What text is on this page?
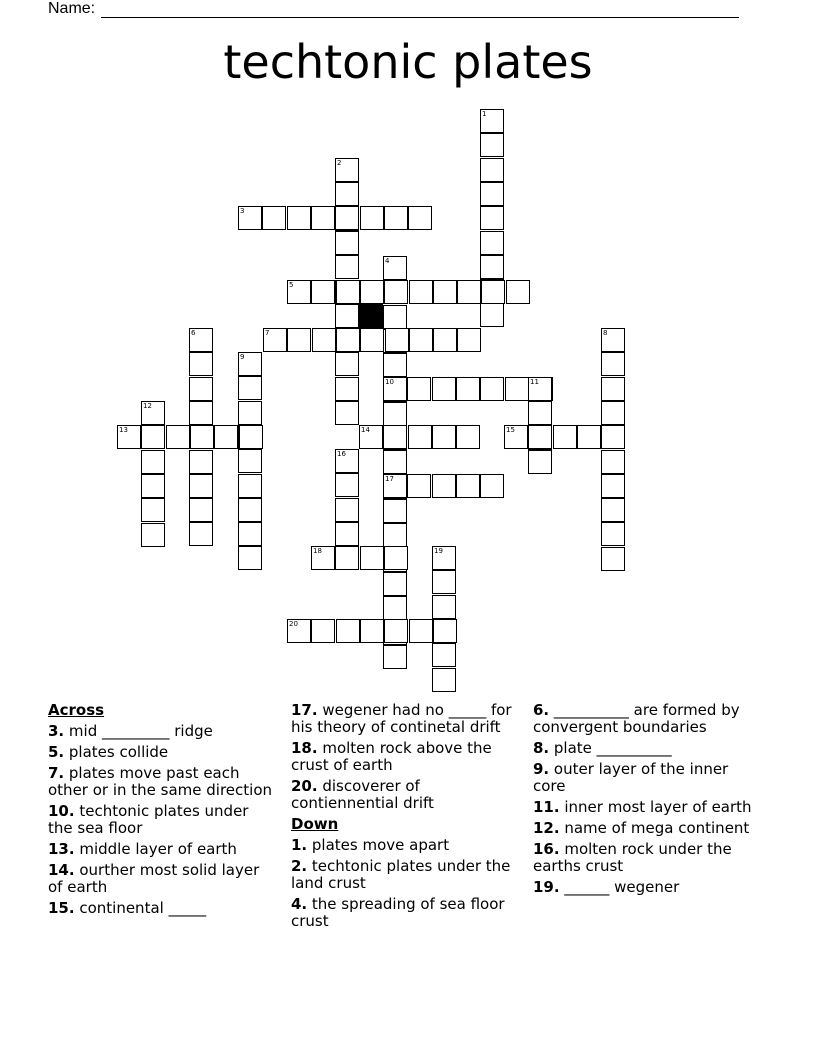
Name:
techtonic plates
1
2
3
4
5
6	7	8
9
10	11
12
13	14	15
16
17
18	19
20
Across
3. mid _________ ridge
5. plates collide
7. plates move past each other or in the same direction
10. techtonic plates under the sea floor
13. middle layer of earth
14. ourther most solid layer of earth
15. continental _____
17. wegener had no _____ for his theory of continetal drift
18. molten rock above the crust of earth
20. discoverer of contiennential drift
Down
1. plates move apart
2. techtonic plates under the land crust
4. the spreading of sea floor crust
6. __________ are formed by convergent boundaries
8. plate __________
9. outer layer of the inner core
11. inner most layer of earth
12. name of mega continent
16. molten rock under the earths crust
19. ______ wegener
